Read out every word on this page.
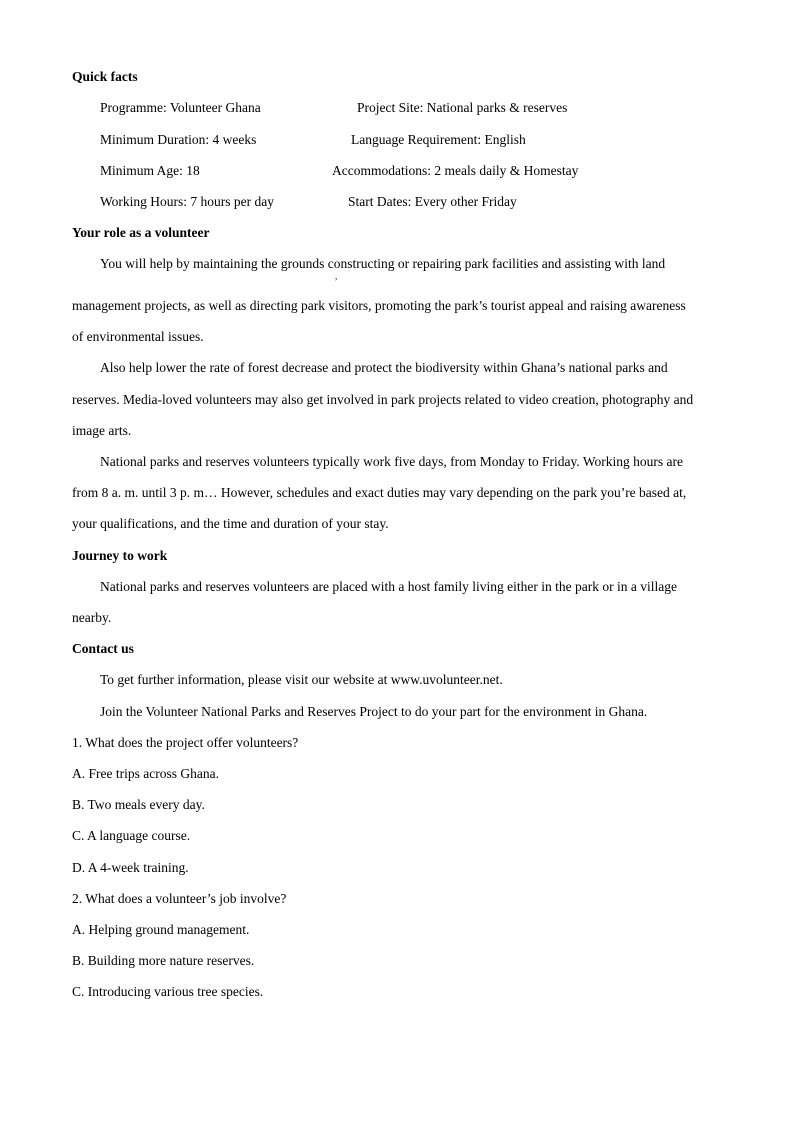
Quick facts
Programme: Volunteer Ghana	Project Site: National parks & reserves
Minimum Duration: 4 weeks	Language Requirement: English
Minimum Age: 18	Accommodations: 2 meals daily & Homestay
Working Hours: 7 hours per day	Start Dates: Every other Friday
Your role as a volunteer
You will help by maintaining the grounds constructing or repairing park facilities and assisting with land
,
management projects, as well as directing park visitors, promoting the park’s tourist appeal and raising awareness
of environmental issues.
Also help lower the rate of forest decrease and protect the biodiversity within Ghana’s national parks and
reserves. Media-loved volunteers may also get involved in park projects related to video creation, photography and
image arts.
National parks and reserves volunteers typically work five days, from Monday to Friday. Working hours are
from 8 a. m. until 3 p. m… However, schedules and exact duties may vary depending on the park you’re based at,
your qualifications, and the time and duration of your stay.
Journey to work
National parks and reserves volunteers are placed with a host family living either in the park or in a village
nearby.
Contact us
To get further information, please visit our website at www.uvolunteer.net.
Join the Volunteer National Parks and Reserves Project to do your part for the environment in Ghana.
1. What does the project offer volunteers?
A. Free trips across Ghana.
B. Two meals every day.
C. A language course.
D. A 4-week training.
2. What does a volunteer’s job involve?
A. Helping ground management.
B. Building more nature reserves.
C. Introducing various tree species.
